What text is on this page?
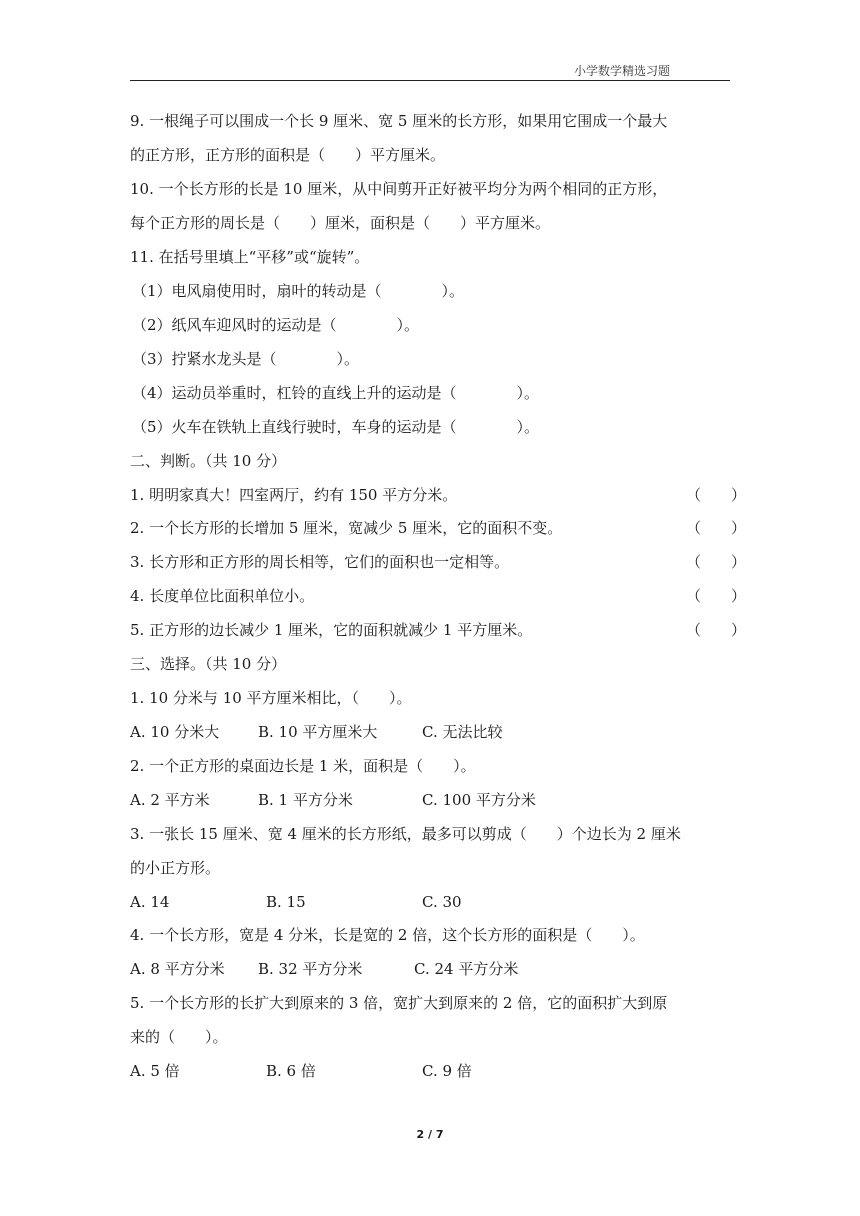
小学数学精选习题
9. 一根绳子可以围成一个长 9 厘米、宽 5 厘米的长方形，如果用它围成一个最大
的正方形，正方形的面积是（　　）平方厘米。
10. 一个长方形的长是 10 厘米，从中间剪开正好被平均分为两个相同的正方形，
每个正方形的周长是（　　）厘米，面积是（　　）平方厘米。
11. 在括号里填上“平移”或“旋转”。
（1）电风扇使用时，扇叶的转动是（　　　　）。
（2）纸风车迎风时的运动是（　　　　）。
（3）拧紧水龙头是（　　　　）。
（4）运动员举重时，杠铃的直线上升的运动是（　　　　）。
（5）火车在铁轨上直线行驶时，车身的运动是（　　　　）。
二、判断。（共 10 分）
1. 明明家真大！四室两厅，约有 150 平方分米。	（　　）
2. 一个长方形的长增加 5 厘米，宽减少 5 厘米，它的面积不变。	（　　）
3. 长方形和正方形的周长相等，它们的面积也一定相等。	（　　）
4. 长度单位比面积单位小。	（　　）
5. 正方形的边长减少 1 厘米，它的面积就减少 1 平方厘米。	（　　）
三、选择。（共 10 分）
1. 10 分米与 10 平方厘米相比，（　　）。
A. 10 分米大	B. 10 平方厘米大	C. 无法比较
2. 一个正方形的桌面边长是 1 米，面积是（　　）。
A. 2 平方米	B. 1 平方分米	C. 100 平方分米
3. 一张长 15 厘米、宽 4 厘米的长方形纸，最多可以剪成（　　）个边长为 2 厘米
的小正方形。
A. 14	B. 15	C. 30
4. 一个长方形，宽是 4 分米，长是宽的 2 倍，这个长方形的面积是（　　）。
A. 8 平方分米 B. 32 平方分米	C. 24 平方分米
5. 一个长方形的长扩大到原来的 3 倍，宽扩大到原来的 2 倍，它的面积扩大到原
来的（　　）。
A. 5 倍	B. 6 倍	C. 9 倍
2 / 7
